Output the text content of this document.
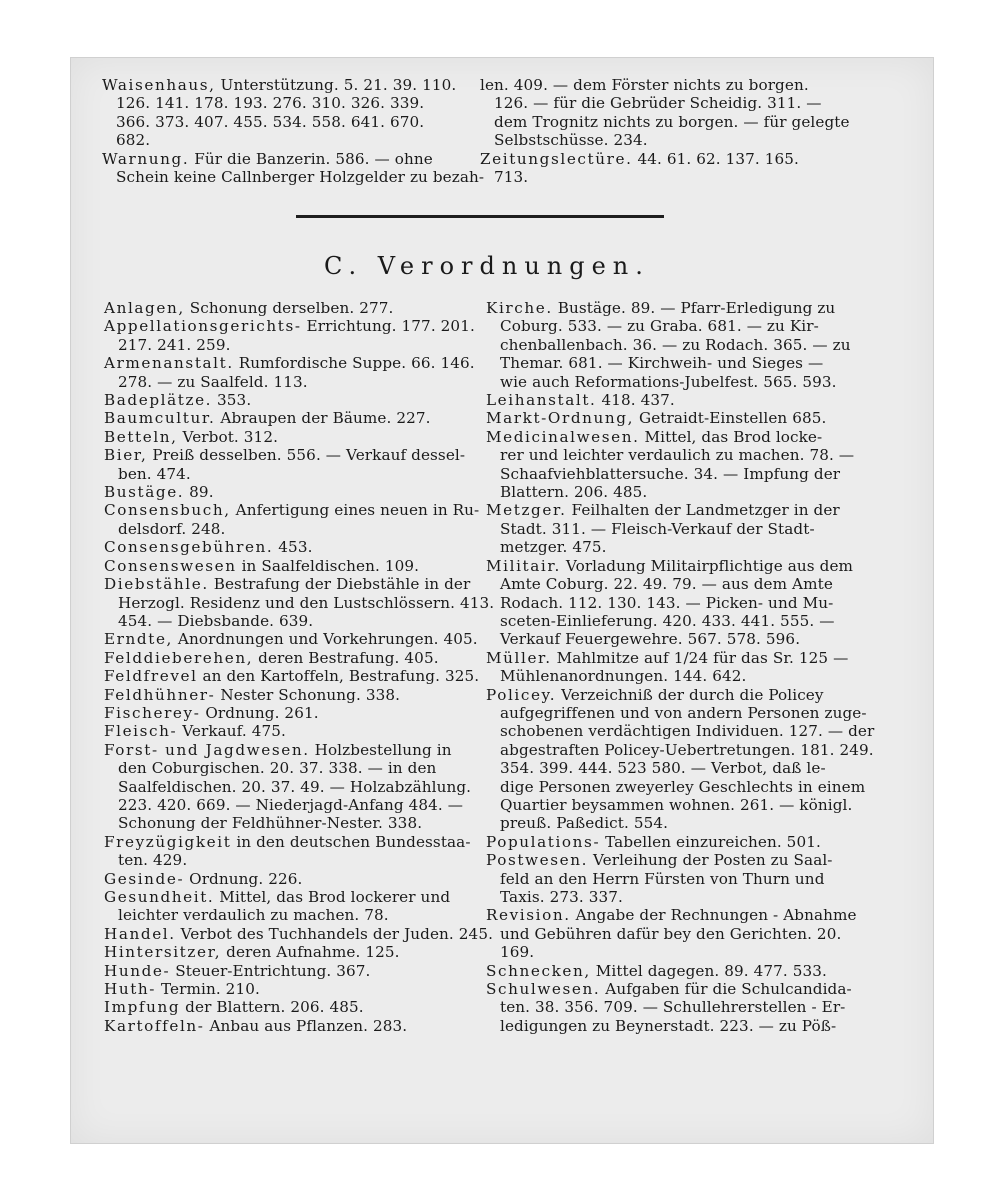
Waisenhaus, Unterstützung. 5. 21. 39. 110.
126. 141. 178. 193. 276. 310. 326. 339.
366. 373. 407. 455. 534. 558. 641. 670.
682.
Warnung. Für die Banzerin. 586. — ohne
Schein keine Callnberger Holzgelder zu bezah-
len. 409. — dem Förster nichts zu borgen.
126. — für die Gebrüder Scheidig. 311. —
dem Trognitz nichts zu borgen. — für gelegte
Selbstschüsse. 234.
Zeitungslectüre. 44. 61. 62. 137. 165.
713.
C. Verordnungen.
Anlagen, Schonung derselben. 277.
Appellationsgerichts- Errichtung. 177. 201.
217. 241. 259.
Armenanstalt. Rumfordische Suppe. 66. 146.
278. — zu Saalfeld. 113.
Badeplätze. 353.
Baumcultur. Abraupen der Bäume. 227.
Betteln, Verbot. 312.
Bier, Preiß desselben. 556. — Verkauf dessel-
ben. 474.
Bustäge. 89.
Consensbuch, Anfertigung eines neuen in Ru-
delsdorf. 248.
Consensgebühren. 453.
Consenswesen in Saalfeldischen. 109.
Diebstähle. Bestrafung der Diebstähle in der
Herzogl. Residenz und den Lustschlössern. 413.
454. — Diebsbande. 639.
Erndte, Anordnungen und Vorkehrungen. 405.
Felddieberehen, deren Bestrafung. 405.
Feldfrevel an den Kartoffeln, Bestrafung. 325.
Feldhühner- Nester Schonung. 338.
Fischerey- Ordnung. 261.
Fleisch- Verkauf. 475.
Forst- und Jagdwesen. Holzbestellung in
den Coburgischen. 20. 37. 338. — in den
Saalfeldischen. 20. 37. 49. — Holzabzählung.
223. 420. 669. — Niederjagd-Anfang 484. —
Schonung der Feldhühner-Nester. 338.
Freyzügigkeit in den deutschen Bundesstaa-
ten. 429.
Gesinde- Ordnung. 226.
Gesundheit. Mittel, das Brod lockerer und
leichter verdaulich zu machen. 78.
Handel. Verbot des Tuchhandels der Juden. 245.
Hintersitzer, deren Aufnahme. 125.
Hunde- Steuer-Entrichtung. 367.
Huth- Termin. 210.
Impfung der Blattern. 206. 485.
Kartoffeln- Anbau aus Pflanzen. 283.
Kirche. Bustäge. 89. — Pfarr-Erledigung zu
Coburg. 533. — zu Graba. 681. — zu Kir-
chenballenbach. 36. — zu Rodach. 365. — zu
Themar. 681. — Kirchweih- und Sieges —
wie auch Reformations-Jubelfest. 565. 593.
Leihanstalt. 418. 437.
Markt-Ordnung, Getraidt-Einstellen 685.
Medicinalwesen. Mittel, das Brod locke-
rer und leichter verdaulich zu machen. 78. —
Schaafviehblattersuche. 34. — Impfung der
Blattern. 206. 485.
Metzger. Feilhalten der Landmetzger in der
Stadt. 311. — Fleisch-Verkauf der Stadt-
metzger. 475.
Militair. Vorladung Militairpflichtige aus dem
Amte Coburg. 22. 49. 79. — aus dem Amte
Rodach. 112. 130. 143. — Picken- und Mu-
sceten-Einlieferung. 420. 433. 441. 555. —
Verkauf Feuergewehre. 567. 578. 596.
Müller. Mahlmitze auf 1/24 für das Sr. 125 —
Mühlenanordnungen. 144. 642.
Policey. Verzeichniß der durch die Policey
aufgegriffenen und von andern Personen zuge-
schobenen verdächtigen Individuen. 127. — der
abgestraften Policey-Uebertretungen. 181. 249.
354. 399. 444. 523 580. — Verbot, daß le-
dige Personen zweyerley Geschlechts in einem
Quartier beysammen wohnen. 261. — königl.
preuß. Paßedict. 554.
Populations- Tabellen einzureichen. 501.
Postwesen. Verleihung der Posten zu Saal-
feld an den Herrn Fürsten von Thurn und
Taxis. 273. 337.
Revision. Angabe der Rechnungen - Abnahme
und Gebühren dafür bey den Gerichten. 20.
169.
Schnecken, Mittel dagegen. 89. 477. 533.
Schulwesen. Aufgaben für die Schulcandida-
ten. 38. 356. 709. — Schullehrerstellen - Er-
ledigungen zu Beynerstadt. 223. — zu Pöß-
